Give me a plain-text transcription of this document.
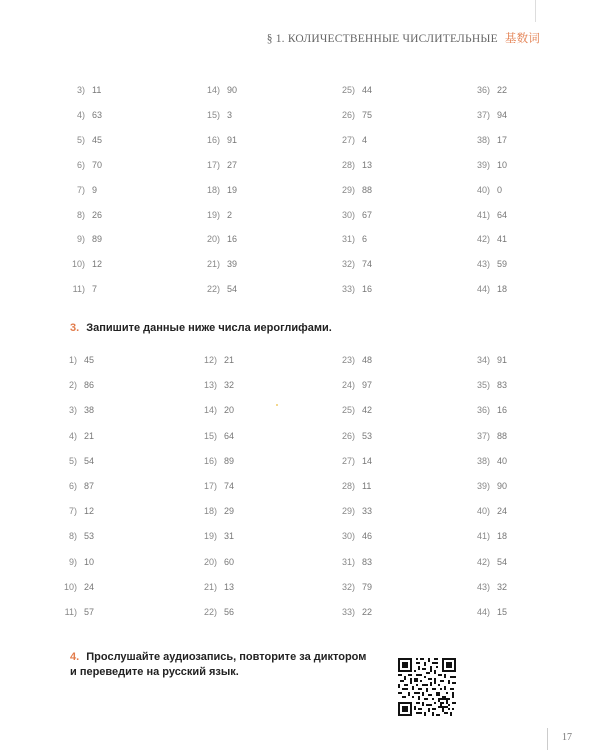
§ 1. КОЛИЧЕСТВЕННЫЕ ЧИСЛИТЕЛЬНЫЕ 基数词
3) 11
4) 63
5) 45
6) 70
7) 9
8) 26
9) 89
10) 12
11) 7
14) 90
15) 3
16) 91
17) 27
18) 19
19) 2
20) 16
21) 39
22) 54
25) 44
26) 75
27) 4
28) 13
29) 88
30) 67
31) 6
32) 74
33) 16
36) 22
37) 94
38) 17
39) 10
40) 0
41) 64
42) 41
43) 59
44) 18
3. Запишите данные ниже числа иероглифами.
1) 45
2) 86
3) 38
4) 21
5) 54
6) 87
7) 12
8) 53
9) 10
10) 24
11) 57
12) 21
13) 32
14) 20
15) 64
16) 89
17) 74
18) 29
19) 31
20) 60
21) 13
22) 56
23) 48
24) 97
25) 42
26) 53
27) 14
28) 11
29) 33
30) 46
31) 83
32) 79
33) 22
34) 91
35) 83
36) 16
37) 88
38) 40
39) 90
40) 24
41) 18
42) 54
43) 32
44) 15
4. Прослушайте аудиозапись, повторите за диктором
и переведите на русский язык.
17
